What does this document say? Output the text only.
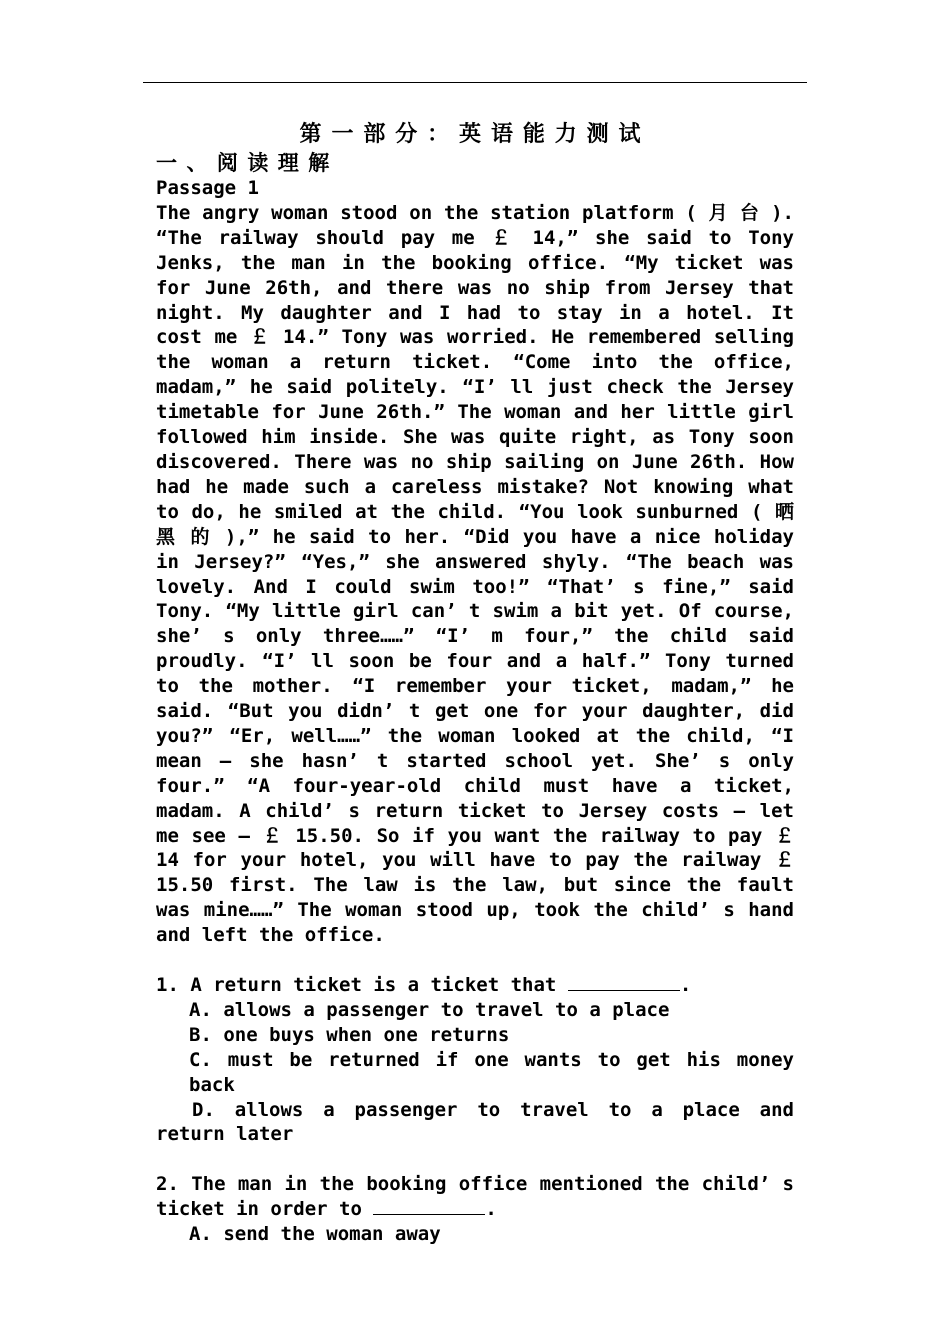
第一部分：英语能力测试
一、阅读理解
Passage 1

The angry woman stood on the station platform ( 月 台 ). “The railway should pay me ￡ 14,” she said to Tony Jenks, the man in the booking office. “My ticket was for June 26th, and there was no ship from Jersey that night. My daughter and I had to stay in a hotel. It cost me ￡ 14.” Tony was worried. He remembered selling the woman a return ticket. “Come into the office, madam,” he said politely. “I’ ll just check the Jersey timetable for June 26th.” The woman and her little girl followed him inside. She was quite right, as Tony soon discovered. There was no ship sailing on June 26th. How had he made such a careless mistake? Not knowing what to do, he smiled at the child. “You look sunburned ( 晒 黑 的 ),” he said to her. “Did you have a nice holiday in Jersey?” “Yes,” she answered shyly. “The beach was lovely. And I could swim too!” “That’ s fine,” said Tony. “My little girl can’ t swim a bit yet. Of course, she’ s only three……” “I’ m four,” the child said proudly. “I’ ll soon be four and a half.” Tony turned to the mother. “I remember your ticket, madam,” he said. “But you didn’ t get one for your daughter, did you?” “Er, well……” the woman looked at the child, “I mean — she hasn’ t started school yet. She’ s only four.” “A four-year-old child must have a ticket, madam. A child’ s return ticket to Jersey costs — let me see — ￡ 15.50. So if you want the railway to pay ￡ 14 for your hotel, you will have to pay the railway ￡ 15.50 first. The law is the law, but since the fault was mine……” The woman stood up, took the child’ s hand and left the office.

1. A return ticket is a ticket that	.

A. allows a passenger to travel to a place

B. one buys when one returns

C. must be returned if one wants to get his money back

D. allows a passenger to travel to a place and return later

2. The man in the booking office mentioned the child’ s ticket in order to	.

A. send the woman away
